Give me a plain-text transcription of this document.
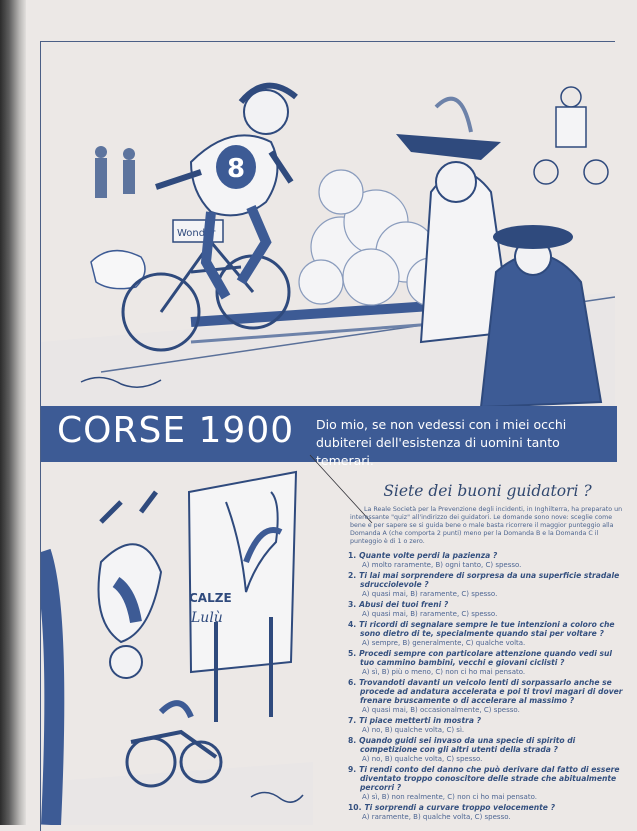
Wonder
8
CORSE 1900 Dio mio, se non vedessi con i miei occhi dubiterei dell'esistenza di uomini tanto temerari.
CALZE
Lulù
Siete dei buoni guidatori ?
La Reale Società per la Prevenzione degli incidenti, in Inghilterra, ha preparato un interessante "quiz" all'indirizzo dei guidatori. Le domande sono nove: sceglie come bene e per sapere se si guida bene o male basta ricorrere il maggior punteggio alla Domanda A (che comporta 2 punti) meno per la Domanda B e la Domanda C il punteggio è di 1 o zero.
1. Quante volte perdi la pazienza ?
A) molto raramente, B) ogni tanto, C) spesso.
2. Ti lai mai sorprendere di sorpresa da una superficie stradale sdrucciolevole ?
A) quasi mai, B) raramente, C) spesso.
3. Abusi dei tuoi freni ?
A) quasi mai, B) raramente, C) spesso.
4. Ti ricordi di segnalare sempre le tue intenzioni a coloro che sono dietro di te, specialmente quando stai per voltare ?
A) sempre, B) generalmente, C) qualche volta.
5. Procedi sempre con particolare attenzione quando vedi sul tuo cammino bambini, vecchi e giovani ciclisti ?
A) sì, B) più o meno, C) non ci ho mai pensato.
6. Trovandoti davanti un veicolo lenti di sorpassarlo anche se procede ad andatura accelerata e poi ti trovi magari di dover frenare bruscamente o di accelerare al massimo ?
A) quasi mai, B) occasionalmente, C) spesso.
7. Ti piace metterti in mostra ?
A) no, B) qualche volta, C) sì.
8. Quando guidi sei invaso da una specie di spirito di competizione con gli altri utenti della strada ?
A) no, B) qualche volta, C) spesso.
9. Ti rendi conto del danno che può derivare dal fatto di essere diventato troppo conoscitore delle strade che abitualmente percorri ?
A) sì, B) non realmente, C) non ci ho mai pensato.
10. Ti sorprendi a curvare troppo velocemente ?
A) raramente, B) qualche volta, C) spesso.
